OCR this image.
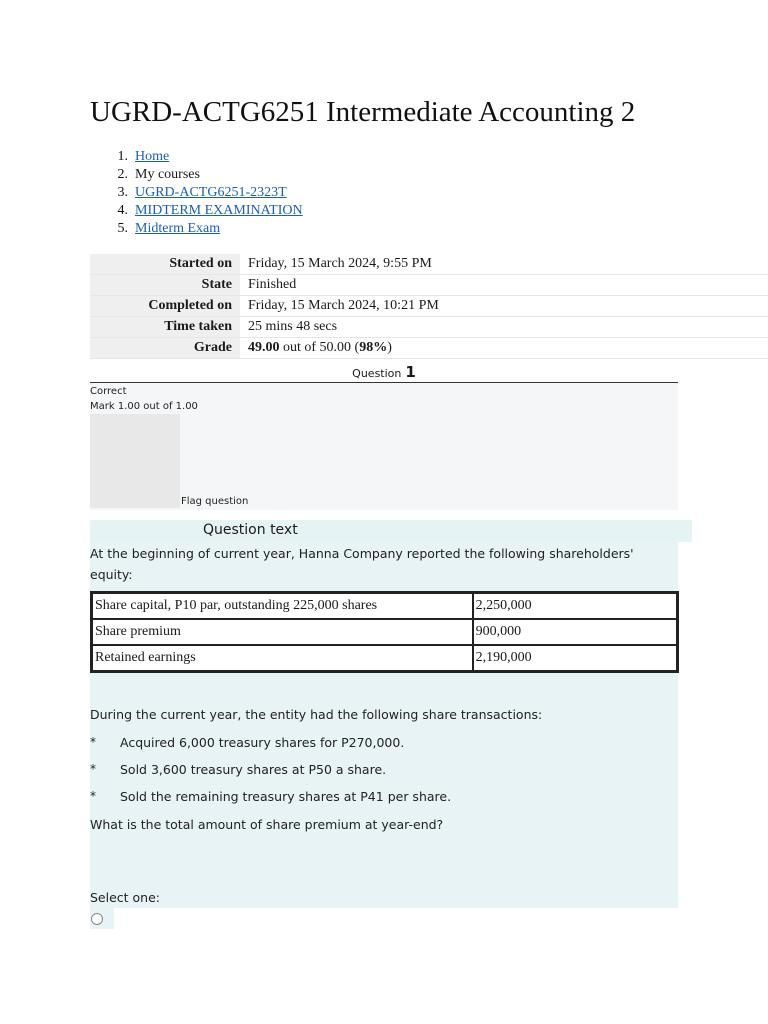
UGRD-ACTG6251 Intermediate Accounting 2
1. Home
2. My courses
3. UGRD-ACTG6251-2323T
4. MIDTERM EXAMINATION
5. Midterm Exam
Started on	Friday, 15 March 2024, 9:55 PM
State	Finished
Completed on	Friday, 15 March 2024, 10:21 PM
Time taken	25 mins 48 secs
Grade	49.00 out of 50.00 (98%)
Question 1
Correct
Mark 1.00 out of 1.00
Flag question
Question text
At the beginning of current year, Hanna Company reported the following shareholders' equity:
Share capital, P10 par, outstanding 225,000 shares	2,250,000
Share premium	900,000
Retained earnings	2,190,000
During the current year, the entity had the following share transactions:
* Acquired 6,000 treasury shares for P270,000.
* Sold 3,600 treasury shares at P50 a share.
* Sold the remaining treasury shares at P41 per share.
What is the total amount of share premium at year-end?
Select one:
